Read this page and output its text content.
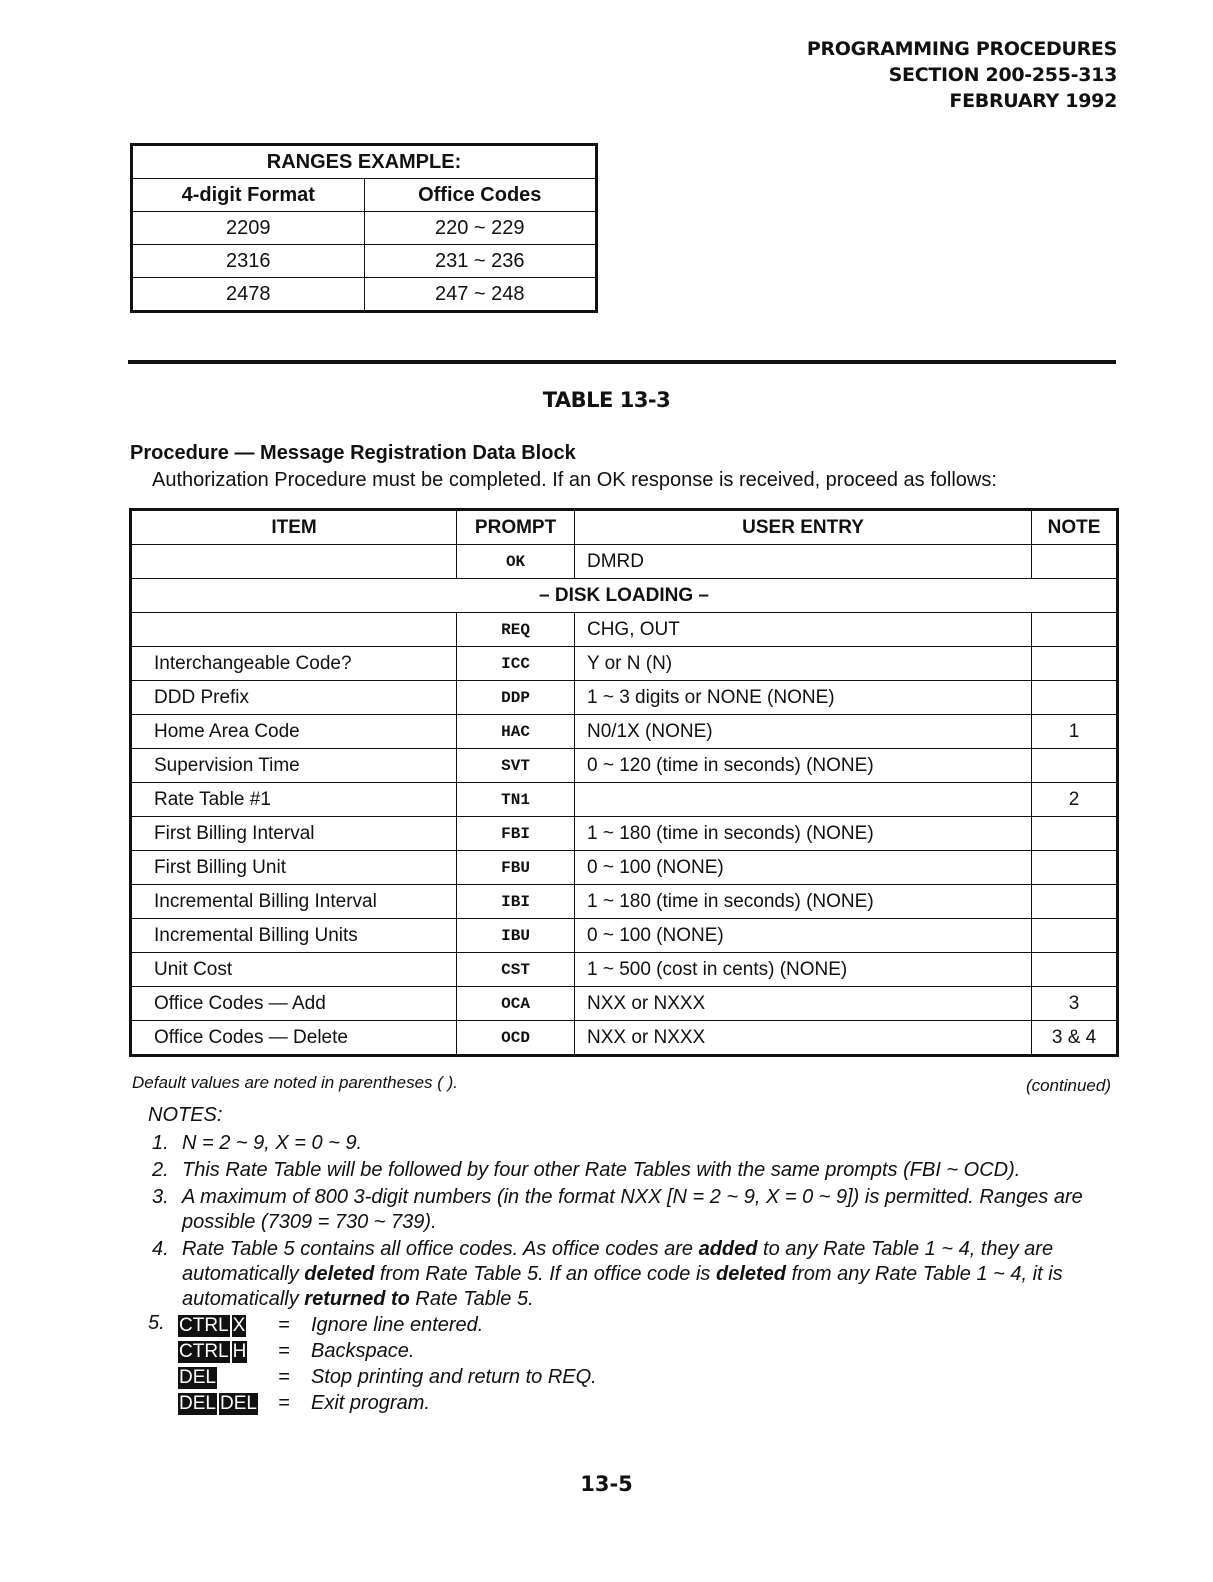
PROGRAMMING PROCEDURES
SECTION 200-255-313
FEBRUARY 1992
RANGES EXAMPLE:	
4-digit Format	Office Codes
2209	220 ~ 229
2316	231 ~ 236
2478	247 ~ 248
TABLE 13-3
Procedure — Message Registration Data Block
Authorization Procedure must be completed. If an OK response is received, proceed as follows:
ITEM	PROMPT	USER ENTRY	NOTE
	OK	DMRD	
– DISK LOADING –			
	REQ	CHG, OUT	
Interchangeable Code?	ICC	Y or N (N)	
DDD Prefix	DDP	1 ~ 3 digits or NONE (NONE)	
Home Area Code	HAC	N0/1X (NONE)	1
Supervision Time	SVT	0 ~ 120 (time in seconds) (NONE)	
Rate Table #1	TN1		2
First Billing Interval	FBI	1 ~ 180 (time in seconds) (NONE)	
First Billing Unit	FBU	0 ~ 100 (NONE)	
Incremental Billing Interval	IBI	1 ~ 180 (time in seconds) (NONE)	
Incremental Billing Units	IBU	0 ~ 100 (NONE)	
Unit Cost	CST	1 ~ 500 (cost in cents) (NONE)	
Office Codes — Add	OCA	NXX or NXXX	3
Office Codes — Delete	OCD	NXX or NXXX	3 & 4
Default values are noted in parentheses ( ).	(continued)
NOTES:
1. N = 2 ~ 9, X = 0 ~ 9.
2. This Rate Table will be followed by four other Rate Tables with the same prompts (FBI ~ OCD).
3. A maximum of 800 3-digit numbers (in the format NXX [N = 2 ~ 9, X = 0 ~ 9]) is permitted. Ranges are possible (7309 = 730 ~ 739).
4. Rate Table 5 contains all office codes. As office codes are added to any Rate Table 1 ~ 4, they are automatically deleted from Rate Table 5. If an office code is deleted from any Rate Table 1 ~ 4, it is automatically returned to Rate Table 5.
5. CTRL X	= Ignore line entered.
CTRL H	= Backspace.
DEL	= Stop printing and return to REQ.
DEL DEL	= Exit program.
13-5
